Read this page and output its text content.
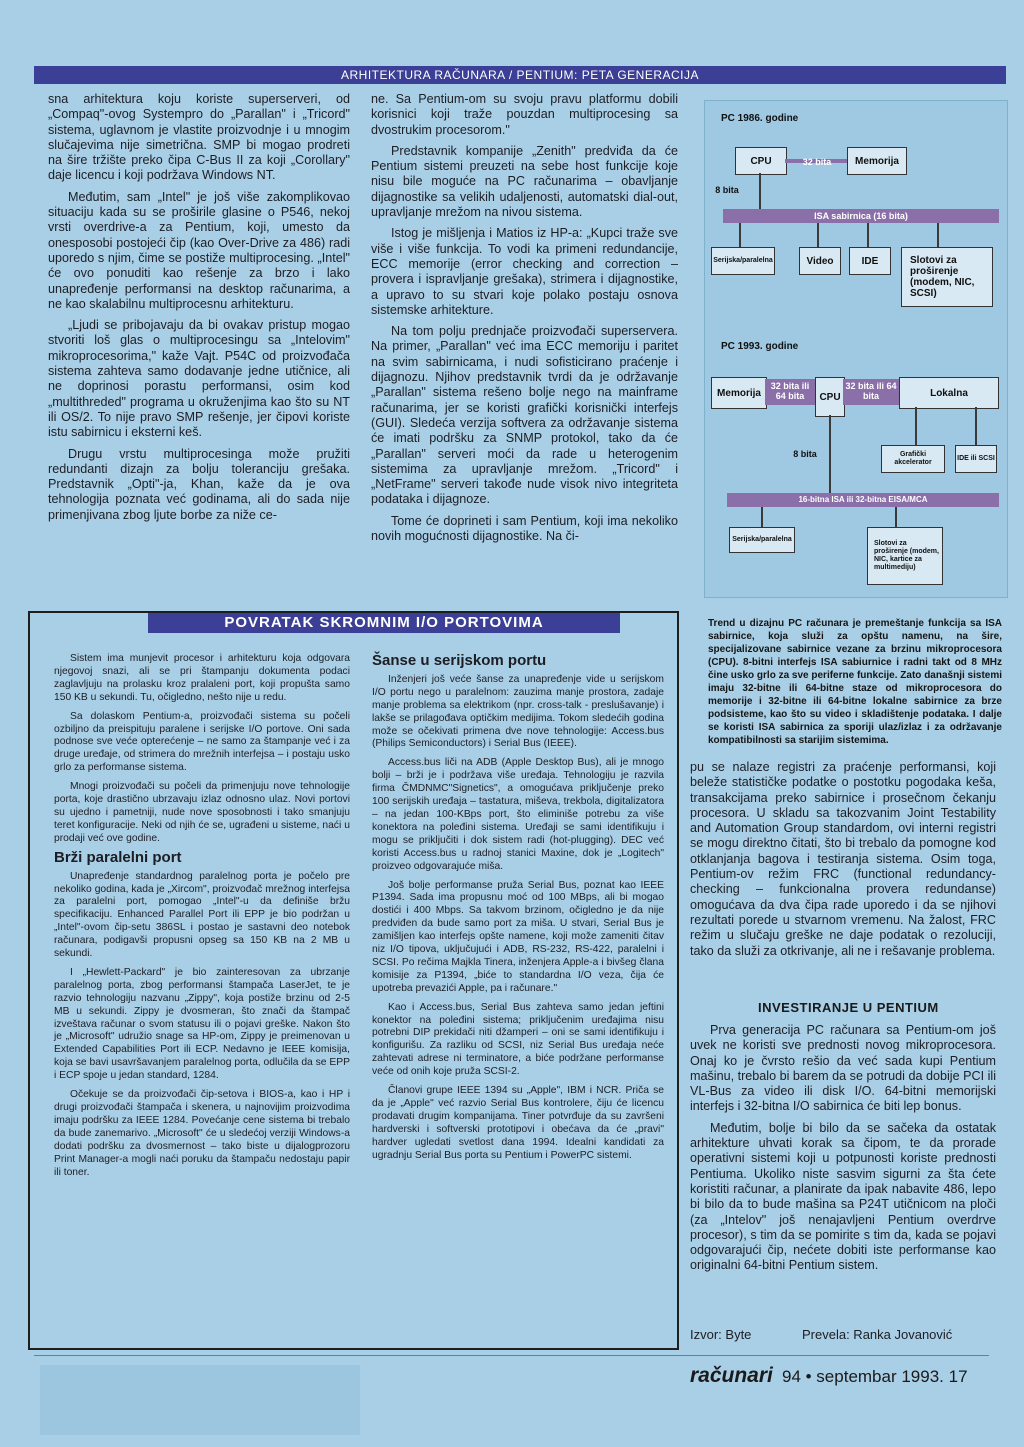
ARHITEKTURA RAČUNARA / PENTIUM: PETA GENERACIJA

sna arhitektura koju koriste superserveri, od „Compaq"-ovog Systempro do „Parallan" i „Tricord" sistema, uglavnom je vlastite proizvodnje i u mnogim slučajevima nije simetrična. SMP bi mogao prodreti na šire tržište preko čipa C-Bus II za koji „Corollary" daje licencu i koji podržava Windows NT.

Međutim, sam „Intel" je još više zakomplikovao situaciju kada su se proširile glasine o P546, nekoj vrsti overdrive-a za Pentium, koji, umesto da onesposobi postojeći čip (kao Over-Drive za 486) radi uporedo s njim, čime se postiže multiprocesing. „Intel" će ovo ponuditi kao rešenje za brzo i lako unapređenje performansi na desktop računarima, a ne kao skalabilnu multiprocesnu arhitekturu.

„Ljudi se pribojavaju da bi ovakav pristup mogao stvoriti loš glas o multiprocesingu sa „Intelovim" mikroprocesorima," kaže Vajt. P54C od proizvođača sistema zahteva samo dodavanje jedne utičnice, ali ne doprinosi porastu performansi, osim kod „multithreded" programa u okruženjima kao što su NT ili OS/2. To nije pravo SMP rešenje, jer čipovi koriste istu sabirnicu i eksterni keš.

Drugu vrstu multiprocesinga može pružiti redundanti dizajn za bolju toleranciju grešaka. Predstavnik „Opti"-ja, Khan, kaže da je ova tehnologija poznata već godinama, ali do sada nije primenjivana zbog ljute borbe za niže ce-

ne. Sa Pentium-om su svoju pravu platformu dobili korisnici koji traže pouzdan multiprocesing sa dvostrukim procesorom."

Predstavnik kompanije „Zenith" predviđa da će Pentium sistemi preuzeti na sebe host funkcije koje nisu bile moguće na PC računarima – obavljanje dijagnostike sa velikih udaljenosti, automatski dial-out, upravljanje mrežom na nivou sistema.

Istog je mišljenja i Matios iz HP-a: „Kupci traže sve više i više funkcija. To vodi ka primeni redundancije, ECC memorije (error checking and correction – provera i ispravljanje grešaka), strimera i dijagnostike, a upravo to su stvari koje polako postaju osnova sistemske arhitekture.

Na tom polju prednjače proizvođači superservera. Na primer, „Parallan" već ima ECC memoriju i paritet na svim sabirnicama, i nudi sofisticirano praćenje i dijagnozu. Njihov predstavnik tvrdi da je održavanje „Parallan" sistema rešeno bolje nego na mainframe računarima, jer se koristi grafički korisnički interfejs (GUI). Sledeća verzija softvera za održavanje sistema će imati podršku za SNMP protokol, tako da će „Parallan" serveri moći da rade u heterogenim sistemima za upravljanje mrežom. „Tricord" i „NetFrame" serveri takođe nude visok nivo integriteta podataka i dijagnoze.

Tome će doprineti i sam Pentium, koji ima nekoliko novih mogućnosti dijagnostike. Na či-

PC 1986. godine
CPU	32 bita	Memorija
8 bita
ISA sabirnica (16 bita)
Serijska/paralelna	Video	IDE	Slotovi za proširenje (modem, NIC, SCSI)
PC 1993. godine
Memorija
32 bita ili 64 bita	CPU
32 bita ili 64 bita	Lokalna
8 bita	Grafički akcelerator
IDE ili SCSI
16-bitna ISA ili 32-bitna EISA/MCA
Serijska/paralelna
Slotovi za proširenje (modem, NIC, kartice za multimediju)
Trend u dizajnu PC računara je premeštanje funkcija sa ISA sabirnice, koja služi za opštu namenu, na šire, specijalizovane sabirnice vezane za brzinu mikroprocesora (CPU). 8-bitni interfejs ISA sabiurnice i radni takt od 8 MHz čine usko grlo za sve periferne funkcije. Zato današnji sistemi imaju 32-bitne ili 64-bitne staze od mikroprocesora do memorije i 32-bitne ili 64-bitne lokalne sabirnice za brze podsisteme, kao što su video i skladištenje podataka. I dalje se koristi ISA sabirnica za sporiji ulaz/izlaz i za održavanje kompatibilnosti sa starijim sistemima.

pu se nalaze registri za praćenje performansi, koji beleže statističke podatke o postotku pogodaka keša, transakcijama preko sabirnice i prosečnom čekanju procesora. U skladu sa takozvanim Joint Testability and Automation Group standardom, ovi interni registri se mogu direktno čitati, što bi trebalo da pomogne kod otklanjanja bagova i testiranja sistema. Osim toga, Pentium-ov režim FRC (functional redundancy-checking – funkcionalna provera redundanse) omogućava da dva čipa rade uporedo i da se njihovi rezultati porede u stvarnom vremenu. Na žalost, FRC režim u slučaju greške ne daje podatak o rezoluciji, tako da služi za otkrivanje, ali ne i rešavanje problema.

INVESTIRANJE U PENTIUM

Prva generacija PC računara sa Pentium-om još uvek ne koristi sve prednosti novog mikroprocesora. Onaj ko je čvrsto rešio da već sada kupi Pentium mašinu, trebalo bi barem da se potrudi da dobije PCI ili VL-Bus za video ili disk I/O. 64-bitni memorijski interfejs i 32-bitna I/O sabirnica će biti lep bonus.

Međutim, bolje bi bilo da se sačeka da ostatak arhitekture uhvati korak sa čipom, te da prorade operativni sistemi koji u potpunosti koriste prednosti Pentiuma. Ukoliko niste sasvim sigurni za šta ćete koristiti računar, a planirate da ipak nabavite 486, lepo bi bilo da to bude mašina sa P24T utičnicom na ploči (za „Intelov" još nenajavljeni Pentium overdrve procesor), s tim da se pomirite s tim da, kada se pojavi odgovarajući čip, nećete dobiti iste performanse kao originalni 64-bitni Pentium sistem.

Izvor: Byte	Prevela: Ranka Jovanović
POVRATAK SKROMNIM I/O PORTOVIMA

Sistem ima munjevit procesor i arhitekturu koja odgovara njegovoj snazi, ali se pri štampanju dokumenta podaci zaglavljuju na prolasku kroz pralaleni port, koji propušta samo 150 KB u sekundi. Tu, očigledno, nešto nije u redu.

Sa dolaskom Pentium-a, proizvođači sistema su počeli ozbiljno da preispituju paralene i serijske I/O portove. Oni sada podnose sve veće opterećenje – ne samo za štampanje već i za druge uređaje, od strimera do mrežnih interfejsa – i postaju usko grlo za performanse sistema.

Mnogi proizvođači su počeli da primenjuju nove tehnologije porta, koje drastično ubrzavaju izlaz odnosno ulaz. Novi portovi su ujedno i pametniji, nude nove sposobnosti i tako smanjuju teret konfiguracije. Neki od njih će se, ugrađeni u sisteme, naći u prodaji već ove godine.

Brži paralelni port

Unapređenje standardnog paralelnog porta je počelo pre nekoliko godina, kada je „Xircom", proizvođač mrežnog interfejsa za paralelni port, pomogao „Intel"-u da definiše bržu specifikaciju. Enhanced Parallel Port ili EPP je bio podržan u „Intel"-ovom čip-setu 386SL i postao je sastavni deo notebok računara, podigavši propusni opseg sa 150 KB na 2 MB u sekundi.

I „Hewlett-Packard" je bio zainteresovan za ubrzanje paralelnog porta, zbog performansi štampača LaserJet, te je razvio tehnologiju nazvanu „Zippy", koja postiže brzinu od 2-5 MB u sekundi. Zippy je dvosmeran, što znači da štampač izveštava računar o svom statusu ili o pojavi greške. Nakon što je „Microsoft" udružio snage sa HP-om, Zippy je preimenovan u Extended Capabilities Port ili ECP. Nedavno je IEEE komisija, koja se bavi usavršavanjem paralelnog porta, odlučila da se EPP i ECP spoje u jedan standard, 1284.

Očekuje se da proizvođači čip-setova i BIOS-a, kao i HP i drugi proizvođači štampača i skenera, u najnovijim proizvodima imaju podršku za IEEE 1284. Povećanje cene sistema bi trebalo da bude zanemarivo. „Microsoft" će u sledećoj verziji Windows-a dodati podršku za dvosmernost – tako biste u dijalogprozoru Print Manager-a mogli naći poruku da štampaču nedostaju papir ili toner.

Šanse u serijskom portu

Inženjeri još veće šanse za unapređenje vide u serijskom I/O portu nego u paralelnom: zauzima manje prostora, zadaje manje problema sa elektrikom (npr. cross-talk - preslušavanje) i lakše se prilagođava optičkim medijima. Tokom sledećih godina može se očekivati primena dve nove tehnologije: Access.bus (Philips Semiconductors) i Serial Bus (IEEE).

Access.bus liči na ADB (Apple Desktop Bus), ali je mnogo bolji – brži je i podržava više uređaja. Tehnologiju je razvila firma ČMDNMC"Signetics", a omogućava priključenje preko 100 serijskih uređaja – tastatura, miševa, trekbola, digitalizatora – na jedan 100-KBps port, što eliminiše potrebu za više konektora na poleđini sistema. Uređaji se sami identifikuju i mogu se priključiti i dok sistem radi (hot-plugging). DEC već koristi Access.bus u radnoj stanici Maxine, dok je „Logitech" proizveo odgovarajuće miša.

Još bolje performanse pruža Serial Bus, poznat kao IEEE P1394. Sada ima propusnu moć od 100 MBps, ali bi mogao dostići i 400 Mbps. Sa takvom brzinom, očigledno je da nije predviđen da bude samo port za miša. U stvari, Serial Bus je zamišljen kao interfejs opšte namene, koji može zameniti čitav niz I/O tipova, uključujući i ADB, RS-232, RS-422, paralelni i SCSI. Po rečima Majkla Tinera, inženjera Apple-a i bivšeg člana komisije za P1394, „biće to standardna I/O veza, čija će upotreba prevazići Apple, pa i računare."

Kao i Access.bus, Serial Bus zahteva samo jedan jeftini konektor na poleđini sistema; priključenim uređajima nisu potrebni DIP prekidači niti džamperi – oni se sami identifikuju i konfigurišu. Za razliku od SCSI, niz Serial Bus uređaja neće zahtevati adrese ni terminatore, a biće podržane performanse veće od onih koje pruža SCSI-2.

Članovi grupe IEEE 1394 su „Apple", IBM i NCR. Priča se da je „Apple" već razvio Serial Bus kontrolere, čiju će licencu prodavati drugim kompanijama. Tiner potvrđuje da su završeni hardverski i softverski prototipovi i obećava da će „pravi" hardver ugledati svetlost dana 1994. Idealni kandidati za ugradnju Serial Bus porta su Pentium i PowerPC sistemi.

računari 94 • septembar 1993. 17
